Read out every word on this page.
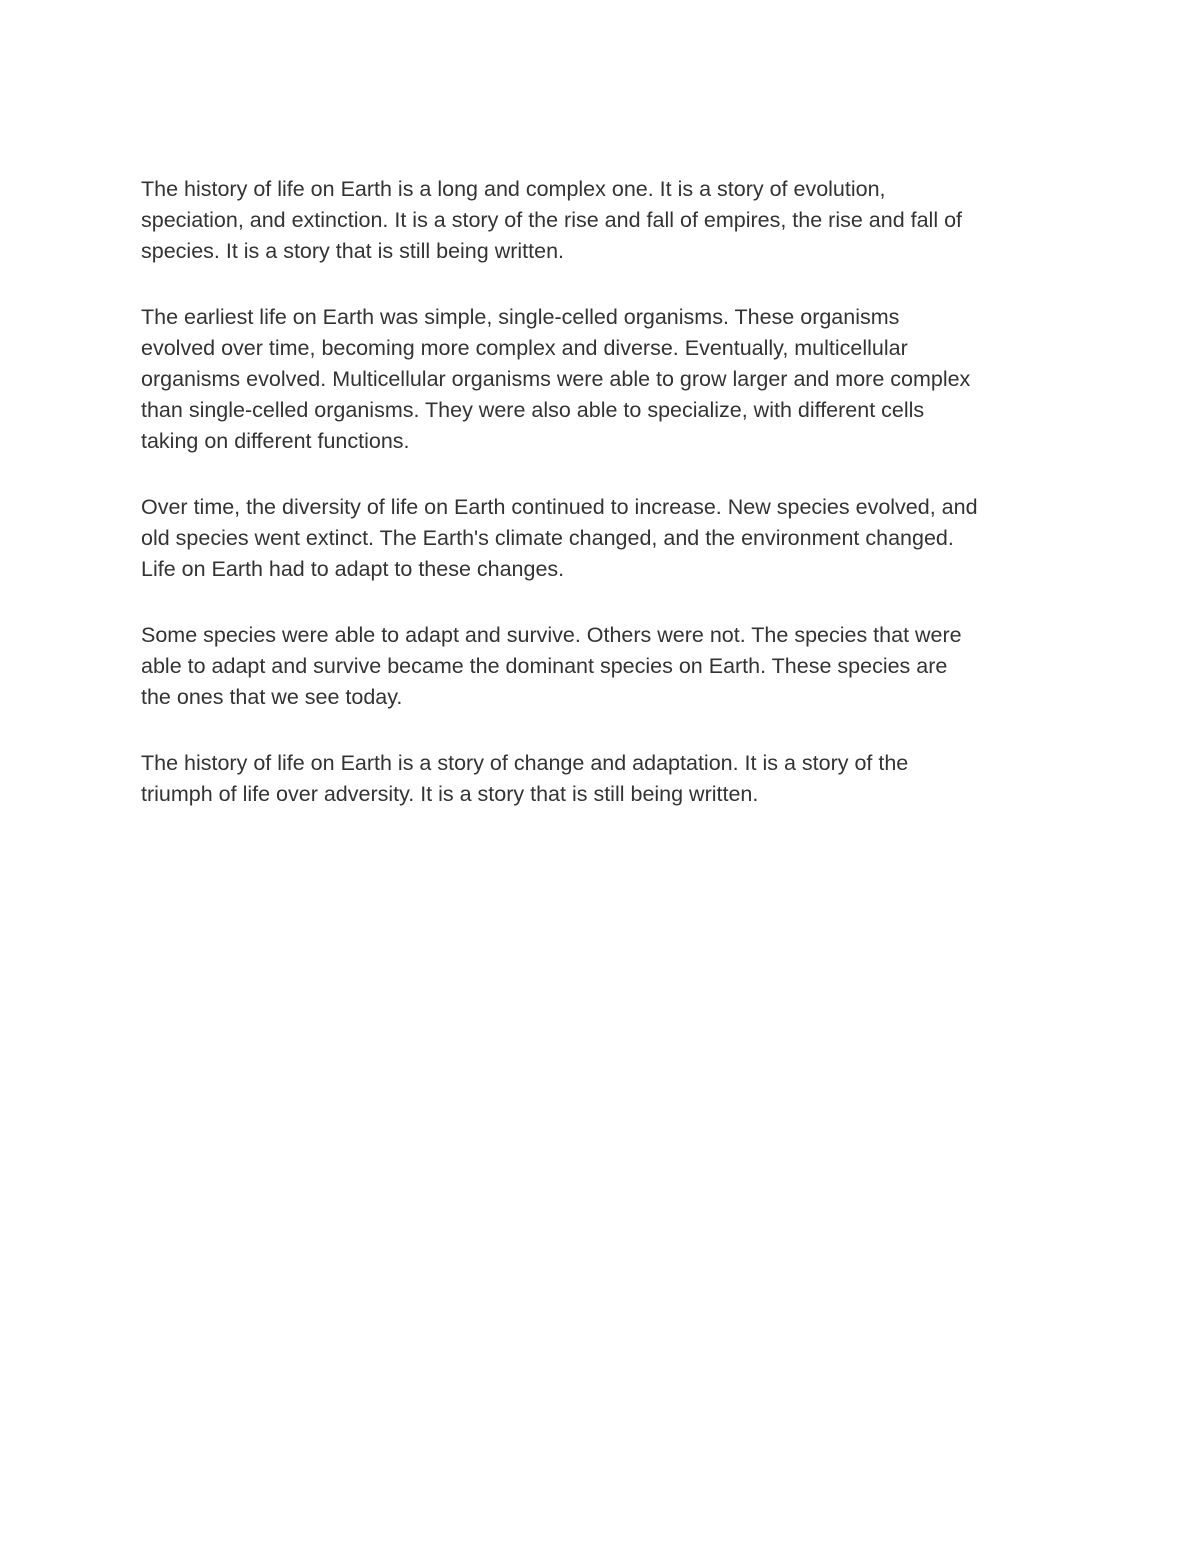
The history of life on Earth is a long and complex one. It is a story of evolution,
speciation, and extinction. It is a story of the rise and fall of empires, the rise and fall of
species. It is a story that is still being written.

The earliest life on Earth was simple, single-celled organisms. These organisms
evolved over time, becoming more complex and diverse. Eventually, multicellular
organisms evolved. Multicellular organisms were able to grow larger and more complex
than single-celled organisms. They were also able to specialize, with different cells
taking on different functions.

Over time, the diversity of life on Earth continued to increase. New species evolved, and
old species went extinct. The Earth's climate changed, and the environment changed.
Life on Earth had to adapt to these changes.

Some species were able to adapt and survive. Others were not. The species that were
able to adapt and survive became the dominant species on Earth. These species are
the ones that we see today.

The history of life on Earth is a story of change and adaptation. It is a story of the
triumph of life over adversity. It is a story that is still being written.
